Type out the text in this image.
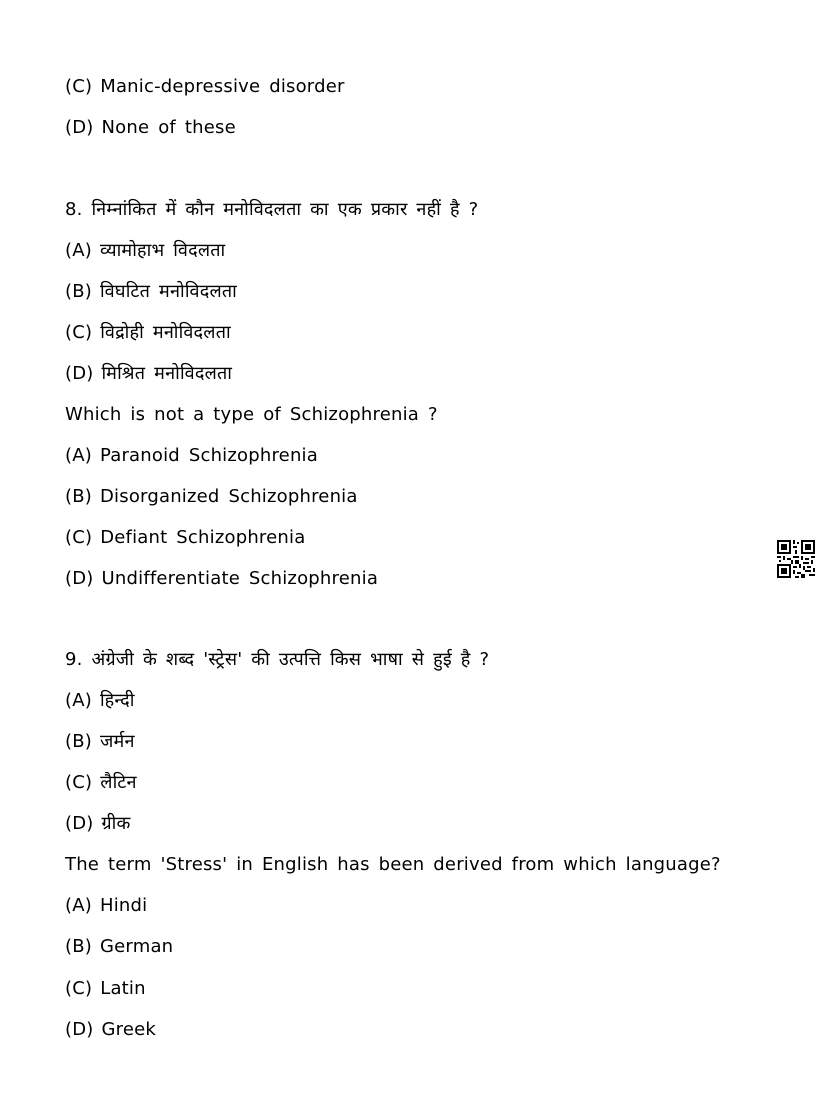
(C) Manic-depressive disorder
(D) None of these
8. निम्नांकित में कौन मनोविदलता का एक प्रकार नहीं है ?
(A) व्यामोहाभ विदलता
(B) विघटित मनोविदलता
(C) विद्रोही मनोविदलता
(D) मिश्रित मनोविदलता
Which is not a type of Schizophrenia ?
(A) Paranoid Schizophrenia
(B) Disorganized Schizophrenia
(C) Defiant Schizophrenia
(D) Undifferentiate Schizophrenia
9. अंग्रेजी के शब्द 'स्ट्रेस' की उत्पत्ति किस भाषा से हुई है ?
(A) हिन्दी
(B) जर्मन
(C) लैटिन
(D) ग्रीक
The term 'Stress' in English has been derived from which language?
(A) Hindi
(B) German
(C) Latin
(D) Greek
